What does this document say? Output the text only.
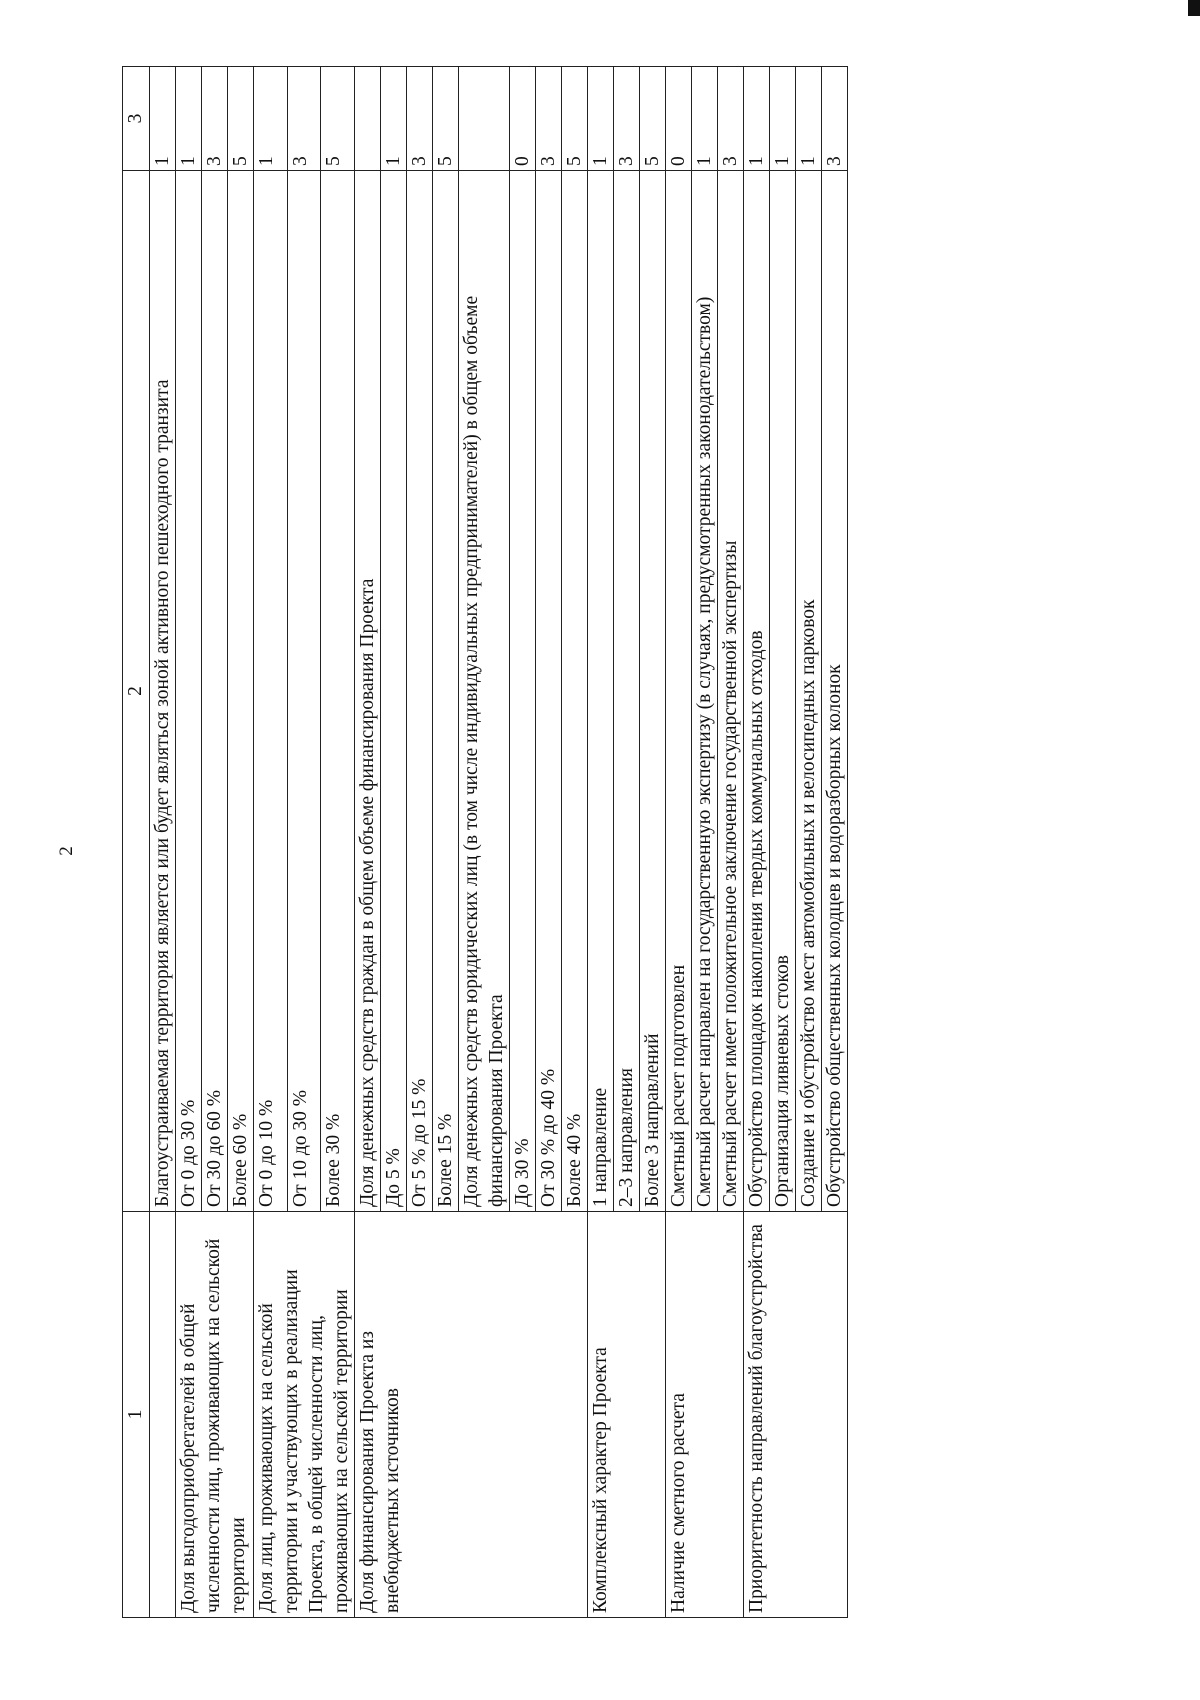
2
1	2	3
	Благоустраиваемая территория является или будет являться зоной активного пешеходного транзита	1
Доля выгодоприобретателей в общей численности лиц, проживающих на сельской территории	От 0 до 30 %	1
	От 30 до 60 %	3
	Более 60 %	5
Доля лиц, проживающих на сельской территории и участвующих в реализации Проекта, в общей численности лиц, проживающих на сельской территории	От 0 до 10 %	1
	От 10 до 30 %	3
	Более 30 %	5
Доля финансирования Проекта из внебюджетных источников	Доля денежных средств граждан в общем объеме финансирования Проекта	
	До 5 %	1
	От 5 % до 15 %	3
	Более 15 %	5
	Доля денежных средств юридических лиц (в том числе индивидуальных предпринимателей) в общем объеме финансирования Проекта	
	До 30 %	0
	От 30 % до 40 %	3
	Более 40 %	5
Комплексный характер Проекта	1 направление	1
	2–3 направления	3
	Более 3 направлений	5
Наличие сметного расчета	Сметный расчет подготовлен	0
	Сметный расчет направлен на государственную экспертизу (в случаях, предусмотренных законодательством)	1
	Сметный расчет имеет положительное заключение государственной экспертизы	3
Приоритетность направлений благоустройства	Обустройство площадок накопления твердых коммунальных отходов	1
	Организация ливневых стоков	1
	Создание и обустройство мест автомобильных и велосипедных парковок	1
	Обустройство общественных колодцев и водоразборных колонок	3
